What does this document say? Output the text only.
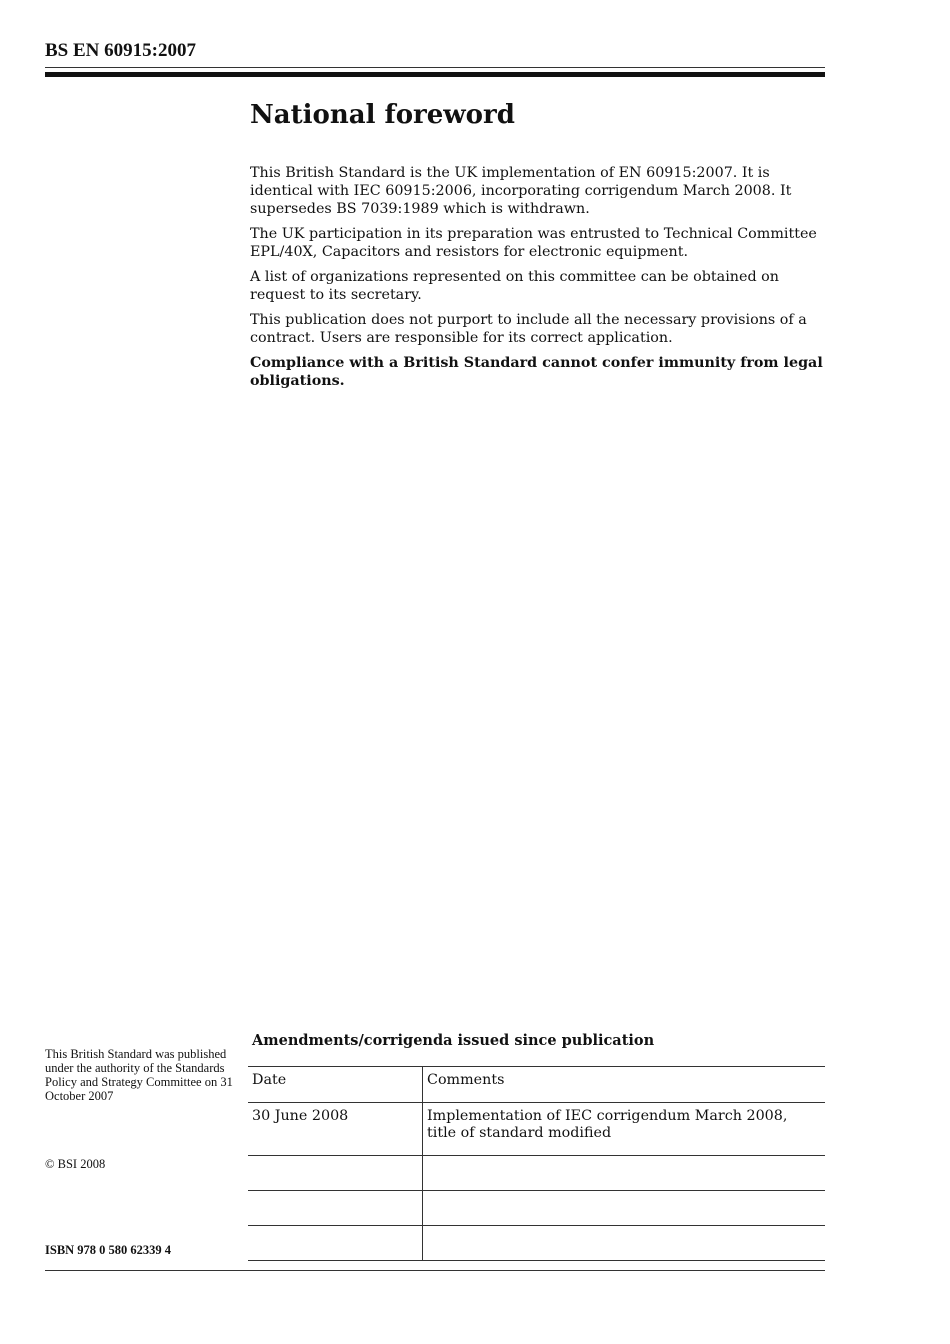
BS EN 60915:2007
National foreword

This British Standard is the UK implementation of EN 60915:2007. It is identical with IEC 60915:2006, incorporating corrigendum March 2008. It supersedes BS 7039:1989 which is withdrawn.

The UK participation in its preparation was entrusted to Technical Committee EPL/40X, Capacitors and resistors for electronic equipment.

A list of organizations represented on this committee can be obtained on request to its secretary.

This publication does not purport to include all the necessary provisions of a contract. Users are responsible for its correct application.

Compliance with a British Standard cannot confer immunity from legal obligations.

This British Standard was published under the authority of the Standards Policy and Strategy Committee on 31 October 2007
© BSI 2008
ISBN 978 0 580 62339 4
Amendments/corrigenda issued since publication
Date	Comments
30 June 2008	Implementation of IEC corrigendum March 2008, title of standard modified
